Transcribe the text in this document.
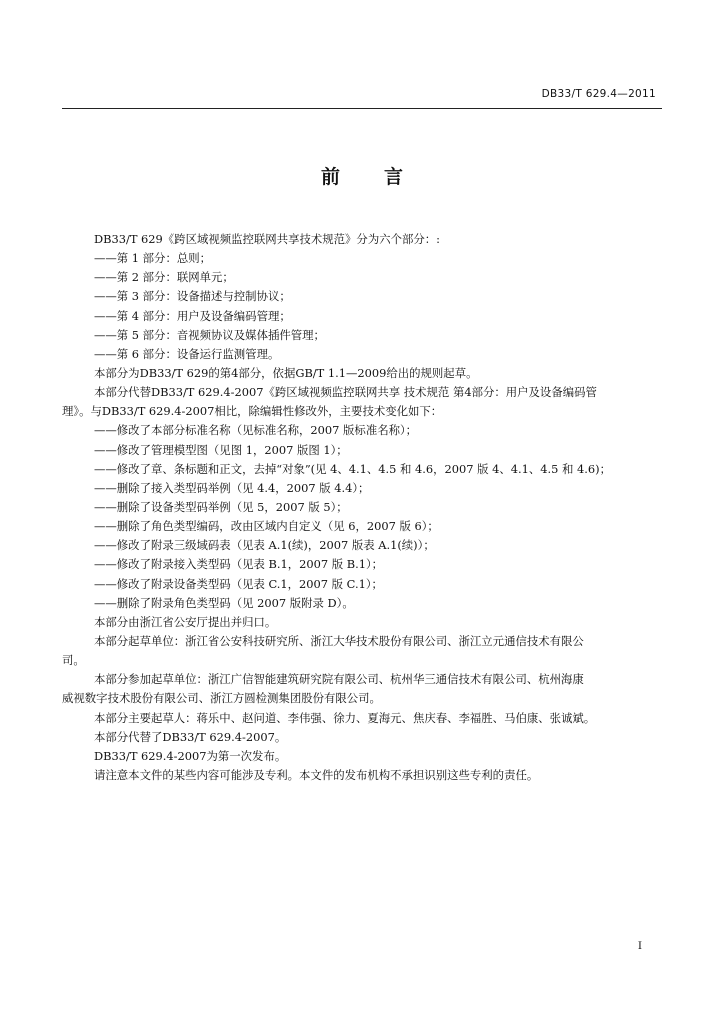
DB33/T 629.4—2011
前 言
DB33/T 629《跨区域视频监控联网共享技术规范》分为六个部分：:
——第 1 部分：总则；
——第 2 部分：联网单元；
——第 3 部分：设备描述与控制协议；
——第 4 部分：用户及设备编码管理；
——第 5 部分：音视频协议及媒体插件管理；
——第 6 部分：设备运行监测管理。
本部分为DB33/T 629的第4部分，依据GB/T 1.1—2009给出的规则起草。
本部分代替DB33/T 629.4-2007《跨区域视频监控联网共享 技术规范 第4部分：用户及设备编码管
理》。与DB33/T 629.4-2007相比，除编辑性修改外，主要技术变化如下：
——修改了本部分标准名称（见标准名称，2007 版标准名称）；
——修改了管理模型图（见图 1，2007 版图 1）；
——修改了章、条标题和正文，去掉“对象”(见 4、4.1、4.5 和 4.6，2007 版 4、4.1、4.5 和 4.6)；
——删除了接入类型码举例（见 4.4，2007 版 4.4）；
——删除了设备类型码举例（见 5，2007 版 5）；
——删除了角色类型编码，改由区域内自定义（见 6，2007 版 6）；
——修改了附录三级域码表（见表 A.1(续)，2007 版表 A.1(续)）；
——修改了附录接入类型码（见表 B.1，2007 版 B.1）；
——修改了附录设备类型码（见表 C.1，2007 版 C.1）；
——删除了附录角色类型码（见 2007 版附录 D）。
本部分由浙江省公安厅提出并归口。
本部分起草单位：浙江省公安科技研究所、浙江大华技术股份有限公司、浙江立元通信技术有限公
司。
本部分参加起草单位：浙江广信智能建筑研究院有限公司、杭州华三通信技术有限公司、杭州海康
威视数字技术股份有限公司、浙江方圆检测集团股份有限公司。
本部分主要起草人：蒋乐中、赵问道、李伟强、徐力、夏海元、焦庆春、李福胜、马伯康、张诚斌。
本部分代替了DB33/T 629.4-2007。
DB33/T 629.4-2007为第一次发布。
请注意本文件的某些内容可能涉及专利。本文件的发布机构不承担识别这些专利的责任。
I
